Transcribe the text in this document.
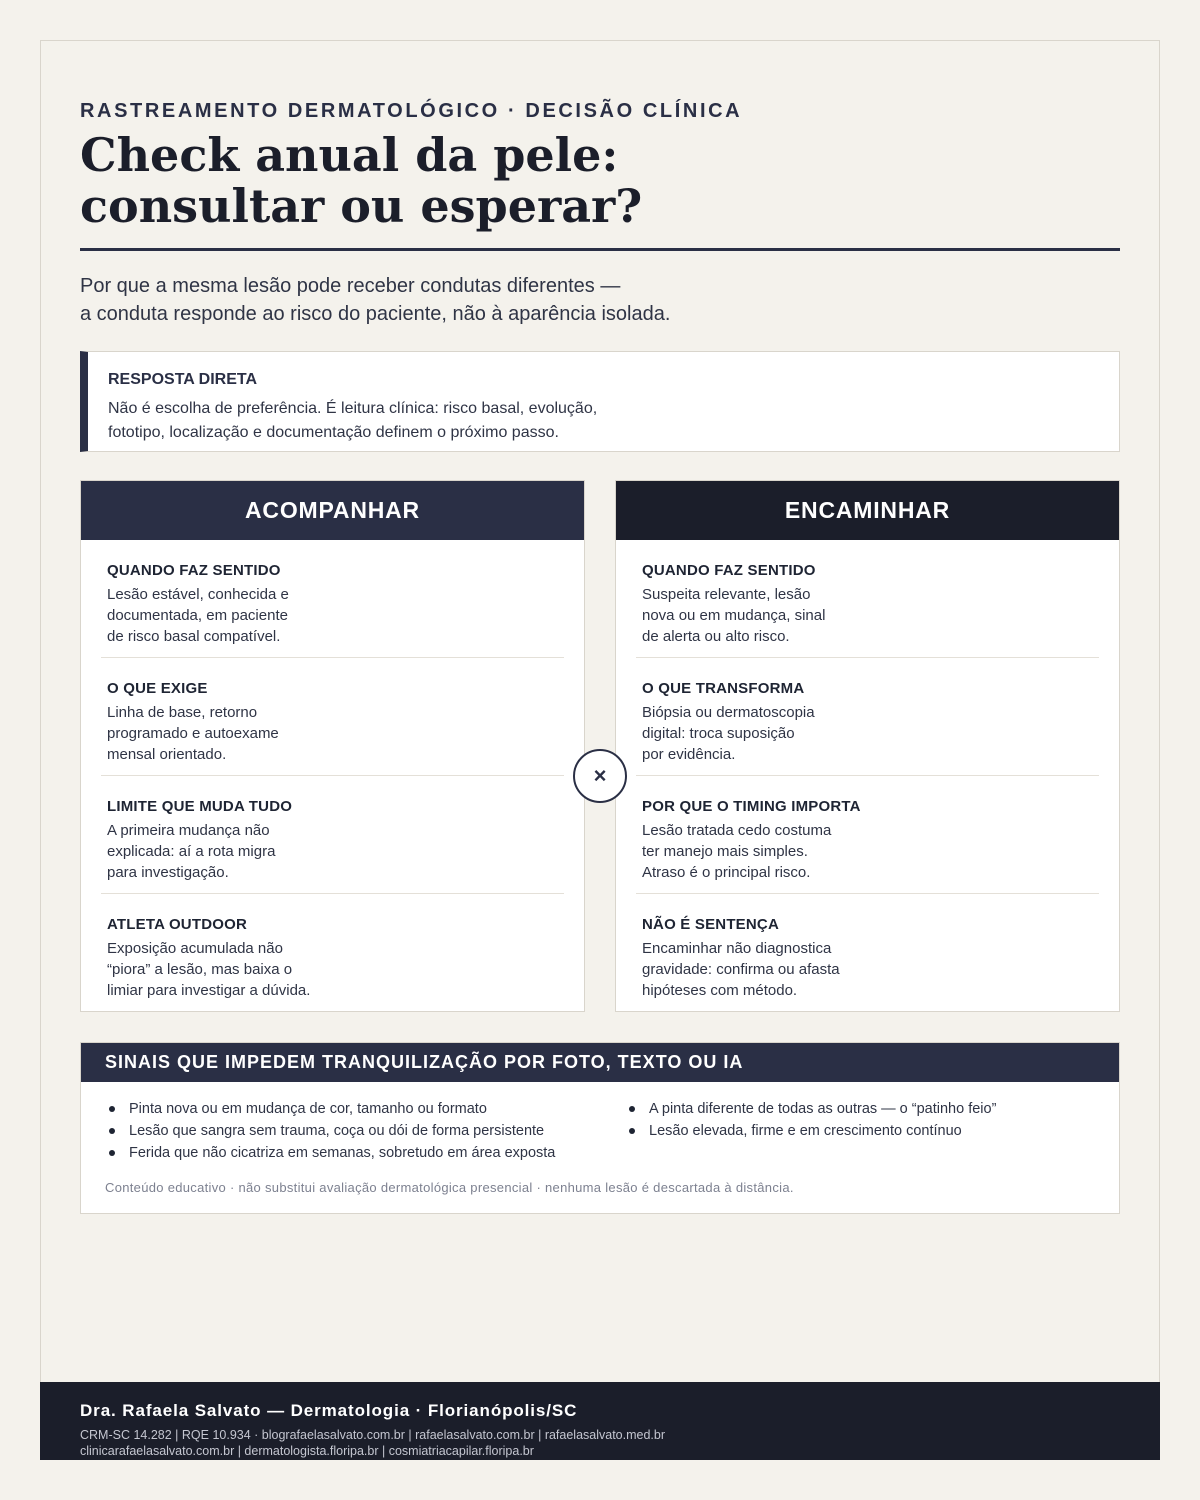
RASTREAMENTO DERMATOLÓGICO · DECISÃO CLÍNICA
Check anual da pele:
consultar ou esperar?

Por que a mesma lesão pode receber condutas diferentes —
a conduta responde ao risco do paciente, não à aparência isolada.

RESPOSTA DIRETA
Não é escolha de preferência. É leitura clínica: risco basal, evolução,
fototipo, localização e documentação definem o próximo passo.
ACOMPANHAR
QUANDO FAZ SENTIDO
Lesão estável, conhecida e
documentada, em paciente
de risco basal compatível.
O QUE EXIGE
Linha de base, retorno
programado e autoexame
mensal orientado.
LIMITE QUE MUDA TUDO
A primeira mudança não
explicada: aí a rota migra
para investigação.
ATLETA OUTDOOR
Exposição acumulada não
“piora” a lesão, mas baixa o
limiar para investigar a dúvida.
ENCAMINHAR
QUANDO FAZ SENTIDO
Suspeita relevante, lesão
nova ou em mudança, sinal
de alerta ou alto risco.
O QUE TRANSFORMA
Biópsia ou dermatoscopia
digital: troca suposição
por evidência.
POR QUE O TIMING IMPORTA
Lesão tratada cedo costuma
ter manejo mais simples.
Atraso é o principal risco.
NÃO É SENTENÇA
Encaminhar não diagnostica
gravidade: confirma ou afasta
hipóteses com método.
×
SINAIS QUE IMPEDEM TRANQUILIZAÇÃO POR FOTO, TEXTO OU IA
Pinta nova ou em mudança de cor, tamanho ou formato
Lesão que sangra sem trauma, coça ou dói de forma persistente
Ferida que não cicatriza em semanas, sobretudo em área exposta
A pinta diferente de todas as outras — o “patinho feio”
Lesão elevada, firme e em crescimento contínuo
Conteúdo educativo · não substitui avaliação dermatológica presencial · nenhuma lesão é descartada à distância.
Dra. Rafaela Salvato — Dermatologia · Florianópolis/SC
CRM-SC 14.282 | RQE 10.934 · blografaelasalvato.com.br | rafaelasalvato.com.br | rafaelasalvato.med.br
clinicarafaelasalvato.com.br | dermatologista.floripa.br | cosmiatriacapilar.floripa.br
